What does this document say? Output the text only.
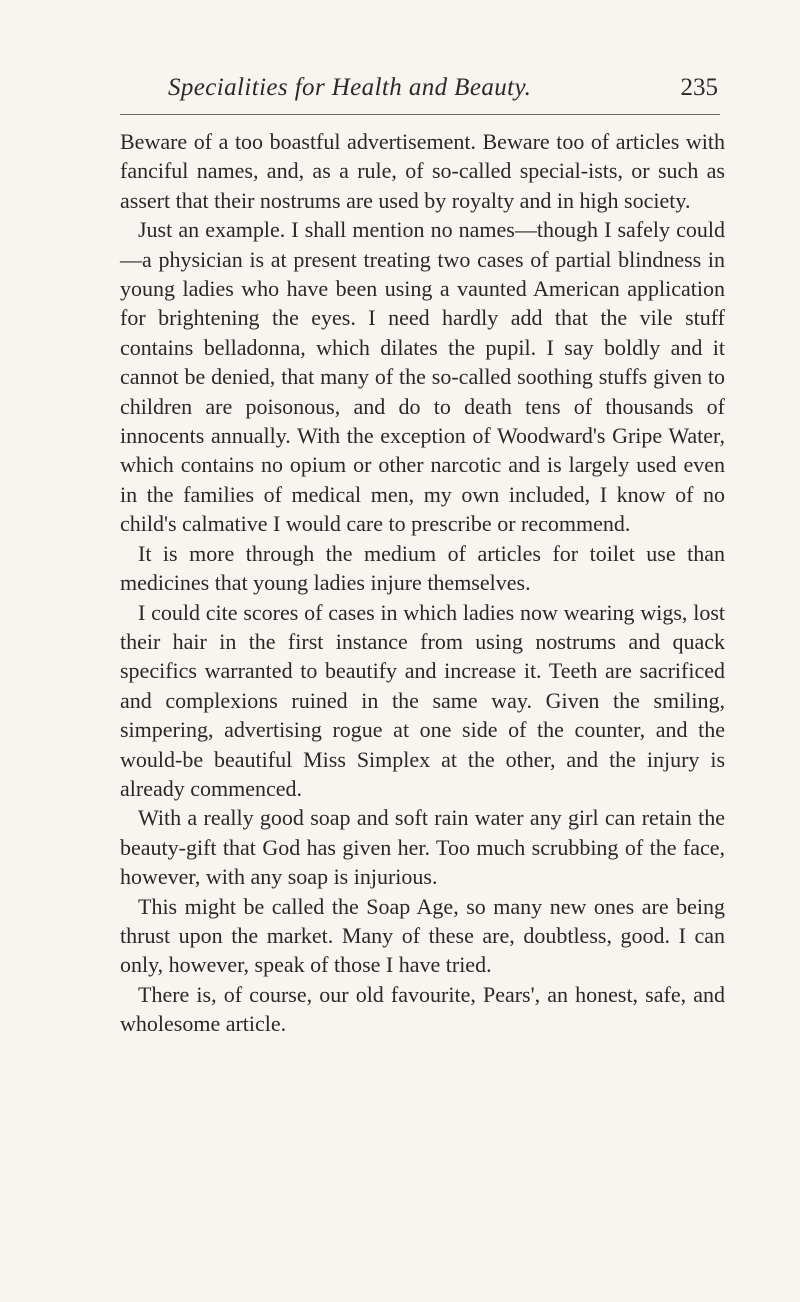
Specialities for Health and Beauty.	235

Beware of a too boastful advertisement. Beware too of articles with fanciful names, and, as a rule, of so-called special-ists, or such as assert that their nostrums are used by royalty and in high society.

Just an example. I shall mention no names—though I safely could—a physician is at present treating two cases of partial blindness in young ladies who have been using a vaunted American application for brightening the eyes. I need hardly add that the vile stuff contains belladonna, which dilates the pupil. I say boldly and it cannot be denied, that many of the so-called soothing stuffs given to children are poisonous, and do to death tens of thousands of innocents annually. With the exception of Woodward's Gripe Water, which contains no opium or other narcotic and is largely used even in the families of medical men, my own included, I know of no child's calmative I would care to prescribe or recommend.

It is more through the medium of articles for toilet use than medicines that young ladies injure themselves.

I could cite scores of cases in which ladies now wearing wigs, lost their hair in the first instance from using nostrums and quack specifics warranted to beautify and increase it. Teeth are sacrificed and complexions ruined in the same way. Given the smiling, simpering, advertising rogue at one side of the counter, and the would-be beautiful Miss Simplex at the other, and the injury is already commenced.

With a really good soap and soft rain water any girl can retain the beauty-gift that God has given her. Too much scrubbing of the face, however, with any soap is injurious.

This might be called the Soap Age, so many new ones are being thrust upon the market. Many of these are, doubtless, good. I can only, however, speak of those I have tried.

There is, of course, our old favourite, Pears', an honest, safe, and wholesome article.
